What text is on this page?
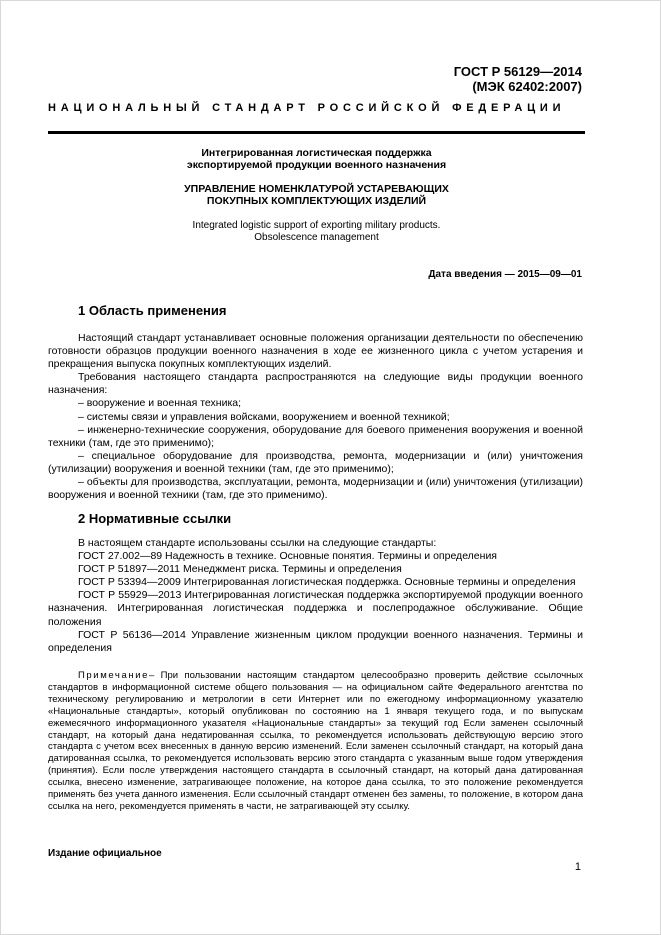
ГОСТ Р 56129—2014
(МЭК 62402:2007)
НАЦИОНАЛЬНЫЙ СТАНДАРТ РОССИЙСКОЙ ФЕДЕРАЦИИ
Интегрированная логистическая поддержка
экспортируемой продукции военного назначения
УПРАВЛЕНИЕ НОМЕНКЛАТУРОЙ УСТАРЕВАЮЩИХ
ПОКУПНЫХ КОМПЛЕКТУЮЩИХ ИЗДЕЛИЙ
Integrated logistic support of exporting military products.
Obsolescence management
Дата введения — 2015—09—01
1 Область применения

Настоящий стандарт устанавливает основные положения организации деятельности по обеспечению готовности образцов продукции военного назначения в ходе ее жизненного цикла с учетом устарения и прекращения выпуска покупных комплектующих изделий.

Требования настоящего стандарта распространяются на следующие виды продукции военного назначения:

– вооружение и военная техника;

– системы связи и управления войсками, вооружением и военной техникой;

– инженерно-технические сооружения, оборудование для боевого применения вооружения и военной техники (там, где это применимо);

– специальное оборудование для производства, ремонта, модернизации и (или) уничтожения (утилизации) вооружения и военной техники (там, где это применимо);

– объекты для производства, эксплуатации, ремонта, модернизации и (или) уничтожения (утилизации) вооружения и военной техники (там, где это применимо).

2 Нормативные ссылки

В настоящем стандарте использованы ссылки на следующие стандарты:

ГОСТ 27.002—89 Надежность в технике. Основные понятия. Термины и определения

ГОСТ Р 51897—2011 Менеджмент риска. Термины и определения

ГОСТ Р 53394—2009 Интегрированная логистическая поддержка. Основные термины и определения

ГОСТ Р 55929—2013 Интегрированная логистическая поддержка экспортируемой продукции военного назначения. Интегрированная логистическая поддержка и послепродажное обслуживание. Общие положения

ГОСТ Р 56136—2014 Управление жизненным циклом продукции военного назначения. Термины и определения

Примечание– При пользовании настоящим стандартом целесообразно проверить действие ссылочных стандартов в информационной системе общего пользования — на официальном сайте Федерального агентства по техническому регулированию и метрологии в сети Интернет или по ежегодному информационному указателю «Национальные стандарты», который опубликован по состоянию на 1 января текущего года, и по выпускам ежемесячного информационного указателя «Национальные стандарты» за текущий год Если заменен ссылочный стандарт, на который дана недатированная ссылка, то рекомендуется использовать действующую версию этого стандарта с учетом всех внесенных в данную версию изменений. Если заменен ссылочный стандарт, на который дана датированная ссылка, то рекомендуется использовать версию этого стандарта с указанным выше годом утверждения (принятия). Если после утверждения настоящего стандарта в ссылочный стандарт, на который дана датированная ссылка, внесено изменение, затрагивающее положение, на которое дана ссылка, то это положение рекомендуется применять без учета данного изменения. Если ссылочный стандарт отменен без замены, то положение, в котором дана ссылка на него, рекомендуется применять в части, не затрагивающей эту ссылку.

Издание официальное
1
